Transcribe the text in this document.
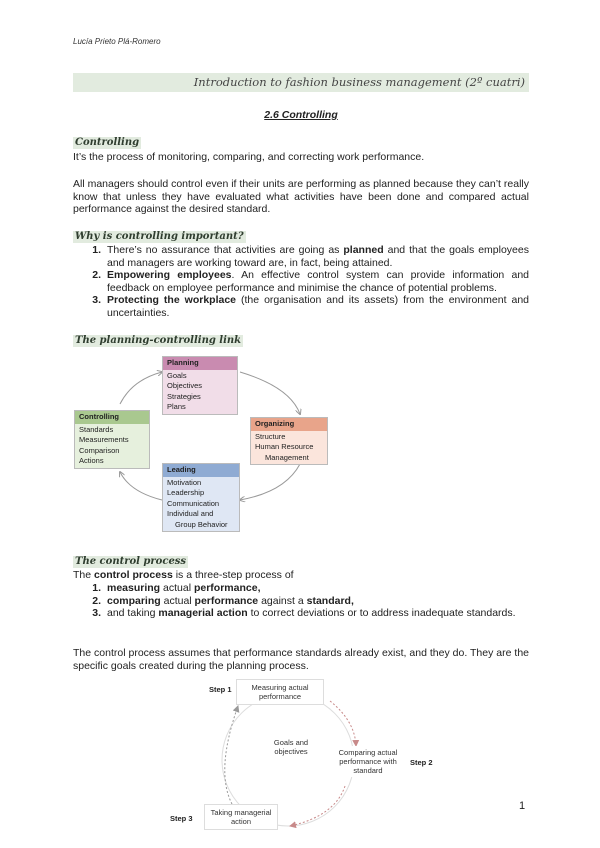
Lucía Prieto Plá-Romero
Introduction to fashion business management (2º cuatri)
2.6 Controlling
Controlling
It’s the process of monitoring, comparing, and correcting work performance.
All managers should control even if their units are performing as planned because they can’t really know that unless they have evaluated what activities have been done and compared actual performance against the desired standard.
Why is controlling important?
1. There’s no assurance that activities are going as planned and that the goals employees and managers are working toward are, in fact, being attained.
2. Empowering employees. An effective control system can provide information and feedback on employee performance and minimise the chance of potential problems.
3. Protecting the workplace (the organisation and its assets) from the environment and uncertainties.
The planning-controlling link
Planning
Goals
Objectives
Strategies
Plans
Organizing
Structure
Human Resource
Management
Leading
Motivation
Leadership
Communication
Individual and
Group Behavior
Controlling
Standards
Measurements
Comparison
Actions
The control process
The control process is a three-step process of
1. measuring actual performance,
2. comparing actual performance against a standard,
3. and taking managerial action to correct deviations or to address inadequate standards.
The control process assumes that performance standards already exist, and they do. They are the specific goals created during the planning process.
Goals and
objectives
Measuring actual
performance
Step 1
Comparing actual
performance with
standard
Step 2
Taking managerial
action
Step 3
1
